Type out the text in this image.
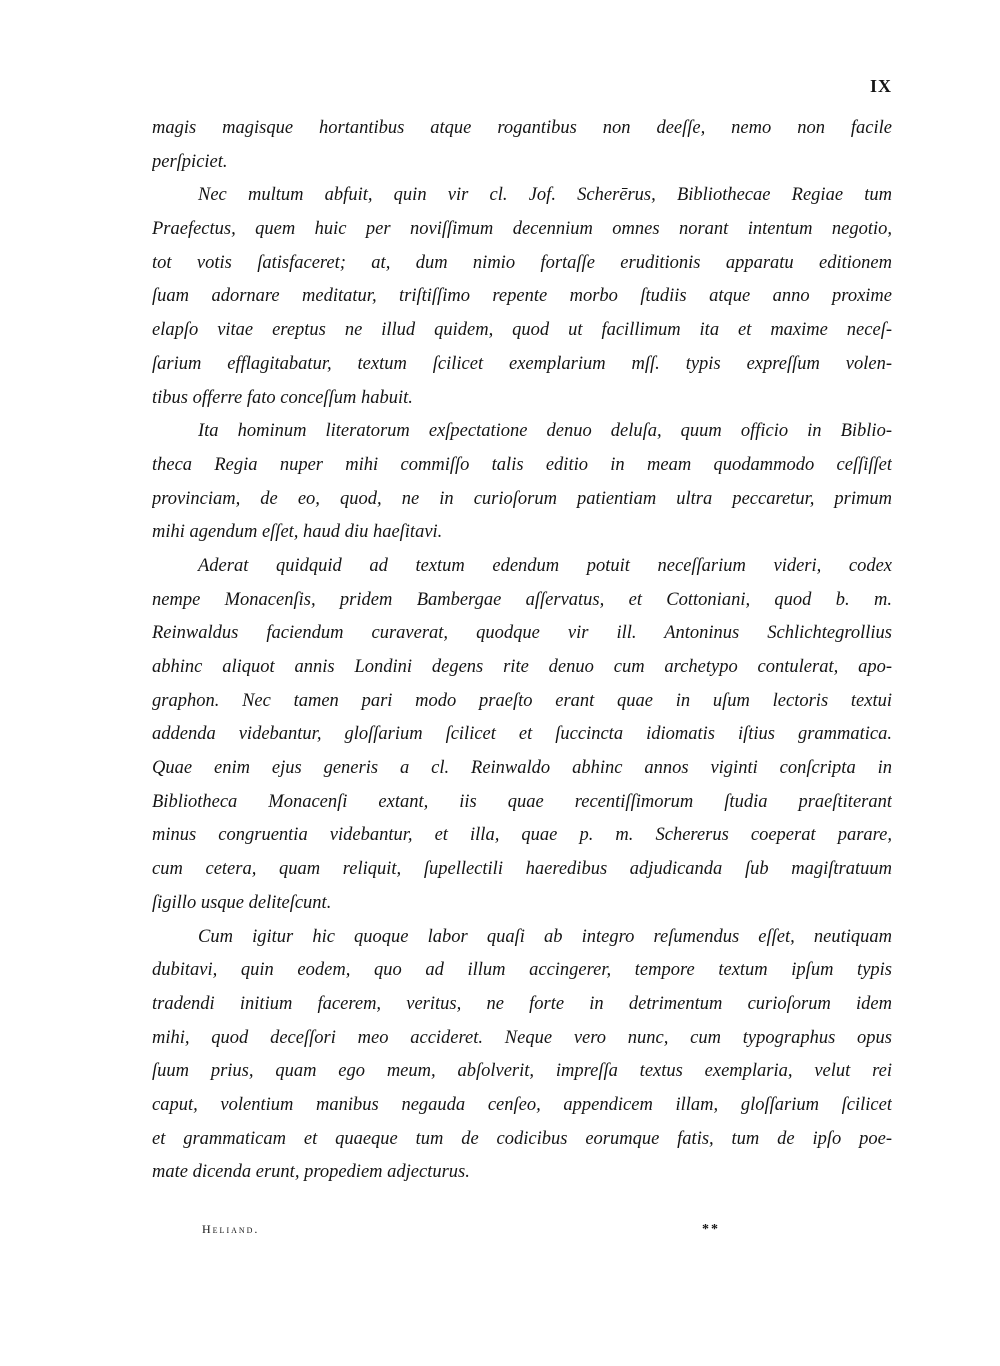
IX
magis magisque hortantibus atque rogantibus non deeſſe, nemo non facile
perſpiciet.
Nec multum abfuit, quin vir cl. Jof. Scherērus, Bibliothecae Regiae tum
Praefectus, quem huic per noviſſimum decennium omnes norant intentum negotio,
tot votis ſatisfaceret; at, dum nimio fortaſſe eruditionis apparatu editionem
ſuam adornare meditatur, triſtiſſimo repente morbo ſtudiis atque anno proxime
elapſo vitae ereptus ne illud quidem, quod ut facillimum ita et maxime neceſ-
ſarium efflagitabatur, textum ſcilicet exemplarium mſſ. typis expreſſum volen-
tibus offerre fato conceſſum habuit.
Ita hominum literatorum exſpectatione denuo deluſa, quum officio in Biblio-
theca Regia nuper mihi commiſſo talis editio in meam quodammodo ceſſiſſet
provinciam, de eo, quod, ne in curioſorum patientiam ultra peccaretur, primum
mihi agendum eſſet, haud diu haeſitavi.
Aderat quidquid ad textum edendum potuit neceſſarium videri, codex
nempe Monacenſis, pridem Bambergae aſſervatus, et Cottoniani, quod b. m.
Reinwaldus faciendum curaverat, quodque vir ill. Antoninus Schlichtegrollius
abhinc aliquot annis Londini degens rite denuo cum archetypo contulerat, apo-
graphon. Nec tamen pari modo praeſto erant quae in uſum lectoris textui
addenda videbantur, gloſſarium ſcilicet et ſuccincta idiomatis iſtius grammatica.
Quae enim ejus generis a cl. Reinwaldo abhinc annos viginti conſcripta in
Bibliotheca Monacenſi extant, iis quae recentiſſimorum ſtudia praeſtiterant
minus congruentia videbantur, et illa, quae p. m. Schererus coeperat parare,
cum cetera, quam reliquit, ſupellectili haeredibus adjudicanda ſub magiſtratuum
ſigillo usque deliteſcunt.
Cum igitur hic quoque labor quaſi ab integro reſumendus eſſet, neutiquam
dubitavi, quin eodem, quo ad illum accingerer, tempore textum ipſum typis
tradendi initium facerem, veritus, ne forte in detrimentum curioſorum idem
mihi, quod deceſſori meo accideret. Neque vero nunc, cum typographus opus
ſuum prius, quam ego meum, abſolverit, impreſſa textus exemplaria, velut rei
caput, volentium manibus negauda cenſeo, appendicem illam, gloſſarium ſcilicet
et grammaticam et quaeque tum de codicibus eorumque fatis, tum de ipſo poe-
mate dicenda erunt, propediem adjecturus.
Heliand.	**
